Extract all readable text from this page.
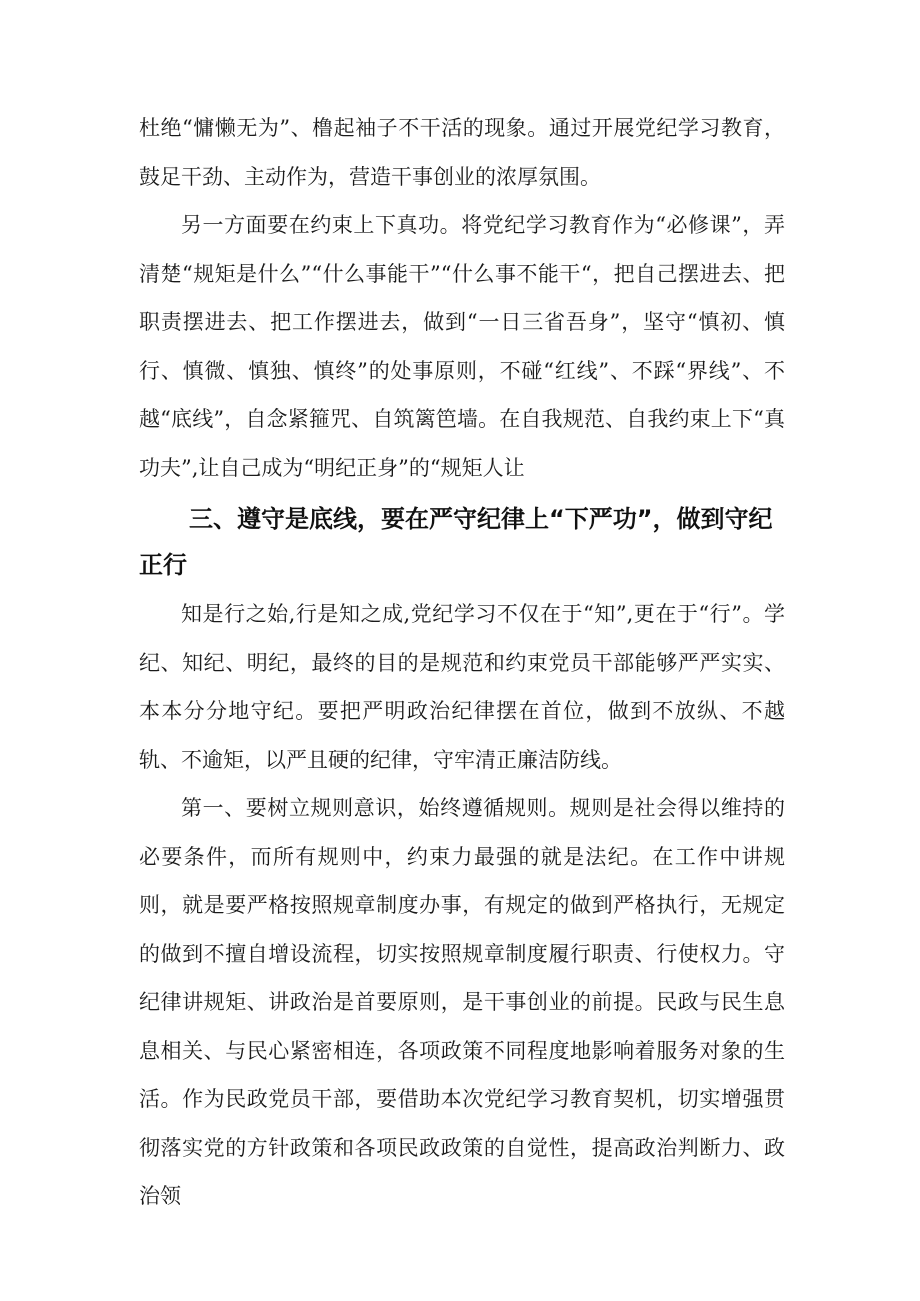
杜绝“慵懒无为”、橹起袖子不干活的现象。通过开展党纪学习教育，鼓足干劲、主动作为，营造干事创业的浓厚氛围。

另一方面要在约束上下真功。将党纪学习教育作为“必修课”，弄清楚“规矩是什么”“什么事能干”“什么事不能干“，把自己摆进去、把职责摆进去、把工作摆进去，做到“一日三省吾身”，坚守“慎初、慎行、慎微、慎独、慎终”的处事原则，不碰“红线”、不踩“界线”、不越“底线”，自念紧箍咒、自筑篱笆墙。在自我规范、自我约束上下“真功夫”,让自己成为“明纪正身”的“规矩人让

三、遵守是底线，要在严守纪律上“下严功”，做到守纪正行

知是行之始,行是知之成,党纪学习不仅在于“知”,更在于“行”。学纪、知纪、明纪，最终的目的是规范和约束党员干部能够严严实实、本本分分地守纪。要把严明政治纪律摆在首位，做到不放纵、不越轨、不逾矩，以严且硬的纪律，守牢清正廉洁防线。

第一、要树立规则意识，始终遵循规则。规则是社会得以维持的必要条件，而所有规则中，约束力最强的就是法纪。在工作中讲规则，就是要严格按照规章制度办事，有规定的做到严格执行，无规定的做到不擅自增设流程，切实按照规章制度履行职责、行使权力。守纪律讲规矩、讲政治是首要原则，是干事创业的前提。民政与民生息息相关、与民心紧密相连，各项政策不同程度地影响着服务对象的生活。作为民政党员干部，要借助本次党纪学习教育契机，切实增强贯彻落实党的方针政策和各项民政政策的自觉性，提高政治判断力、政治领
